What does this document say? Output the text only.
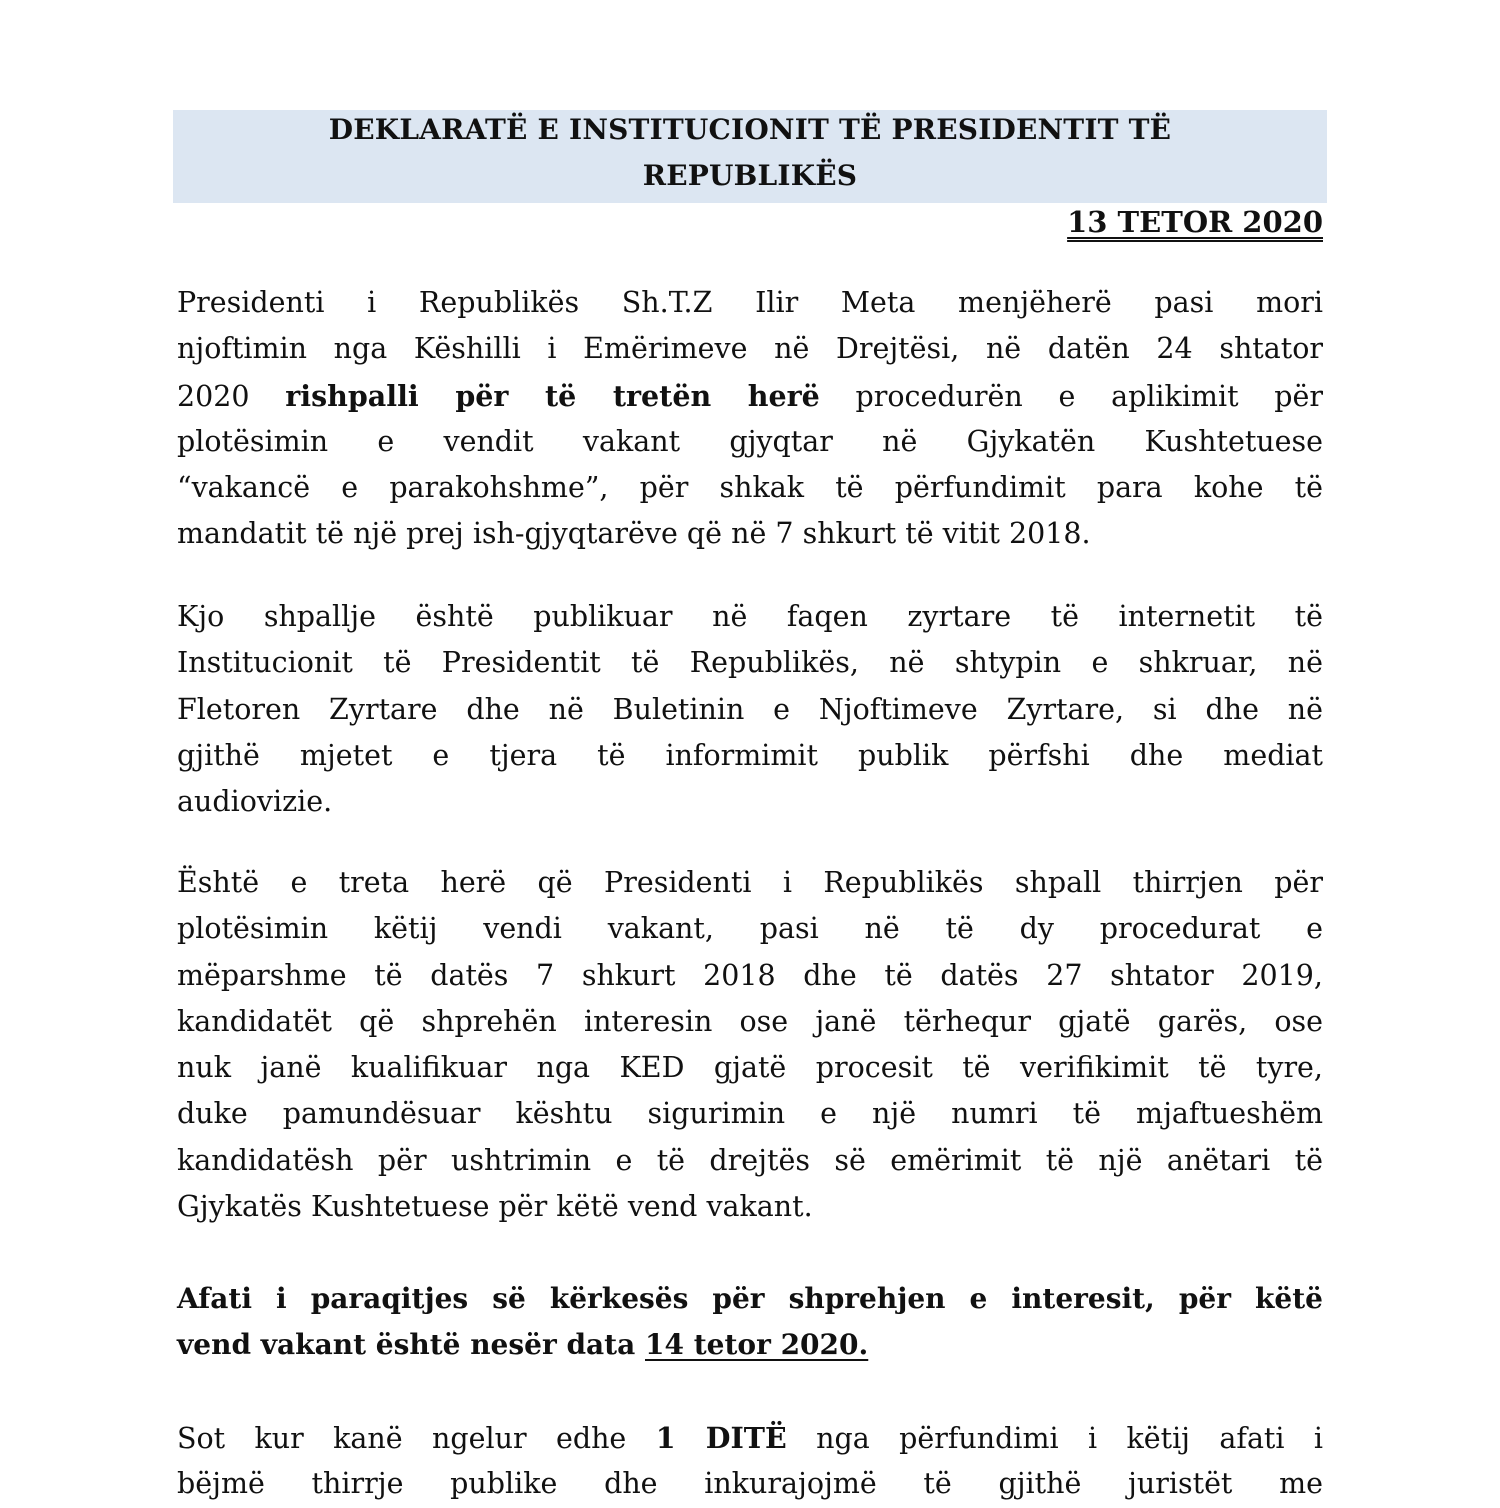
DEKLARATË E INSTITUCIONIT TË PRESIDENTIT TË
REPUBLIKËS
13 TETOR 2020
Presidenti i Republikës Sh.T.Z Ilir Meta menjëherë pasi mori
njoftimin nga Këshilli i Emërimeve në Drejtësi, në datën 24 shtator
2020 rishpalli për të tretën herë procedurën e aplikimit për
plotësimin e vendit vakant gjyqtar në Gjykatën Kushtetuese
“vakancë e parakohshme”, për shkak të përfundimit para kohe të
mandatit të një prej ish-gjyqtarëve që në 7 shkurt të vitit 2018.
Kjo shpallje është publikuar në faqen zyrtare të internetit të
Institucionit të Presidentit të Republikës, në shtypin e shkruar, në
Fletoren Zyrtare dhe në Buletinin e Njoftimeve Zyrtare, si dhe në
gjithë mjetet e tjera të informimit publik përfshi dhe mediat
audiovizie.
Është e treta herë që Presidenti i Republikës shpall thirrjen për
plotësimin këtij vendi vakant, pasi në të dy procedurat e
mëparshme të datës 7 shkurt 2018 dhe të datës 27 shtator 2019,
kandidatët që shprehën interesin ose janë tërhequr gjatë garës, ose
nuk janë kualifikuar nga KED gjatë procesit të verifikimit të tyre,
duke pamundësuar kështu sigurimin e një numri të mjaftueshëm
kandidatësh për ushtrimin e të drejtës së emërimit të një anëtari të
Gjykatës Kushtetuese për këtë vend vakant.
Afati i paraqitjes së kërkesës për shprehjen e interesit, për këtë
vend vakant është nesër data 14 tetor 2020.
Sot kur kanë ngelur edhe 1 DITË nga përfundimi i këtij afati i
bëjmë thirrje publike dhe inkurajojmë të gjithë juristët me
